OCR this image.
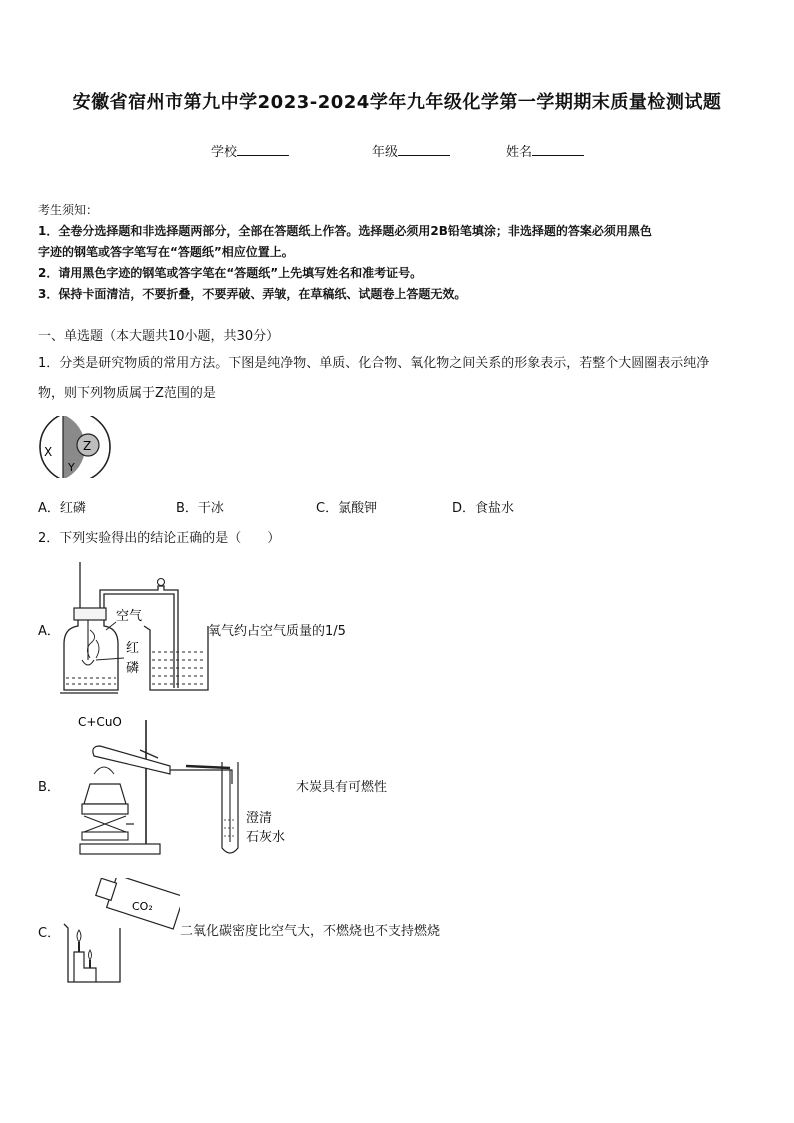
安徽省宿州市第九中学2023-2024学年九年级化学第一学期期末质量检测试题
学校	年级	姓名

考生须知：

1．全卷分选择题和非选择题两部分，全部在答题纸上作答。选择题必须用2B铅笔填涂；非选择题的答案必须用黑色

字迹的钢笔或答字笔写在“答题纸”相应位置上。

2．请用黑色字迹的钢笔或答字笔在“答题纸”上先填写姓名和准考证号。

3．保持卡面清洁，不要折叠，不要弄破、弄皱，在草稿纸、试题卷上答题无效。

一、单选题（本大题共10小题，共30分）
1．分类是研究物质的常用方法。下图是纯净物、单质、化合物、氧化物之间关系的形象表示，若整个大圆圈表示纯净
物，则下列物质属于Z范围的是
X
Y
Z
A．红磷	B．干冰	C．氯酸钾	D．食盐水
2．下列实验得出的结论正确的是（　　）
A．
空气
红
磷
氧气约占空气质量的1/5
B．
C+CuO
澄清
石灰水
木炭具有可燃性
C．
CO₂
二氧化碳密度比空气大，不燃烧也不支持燃烧
